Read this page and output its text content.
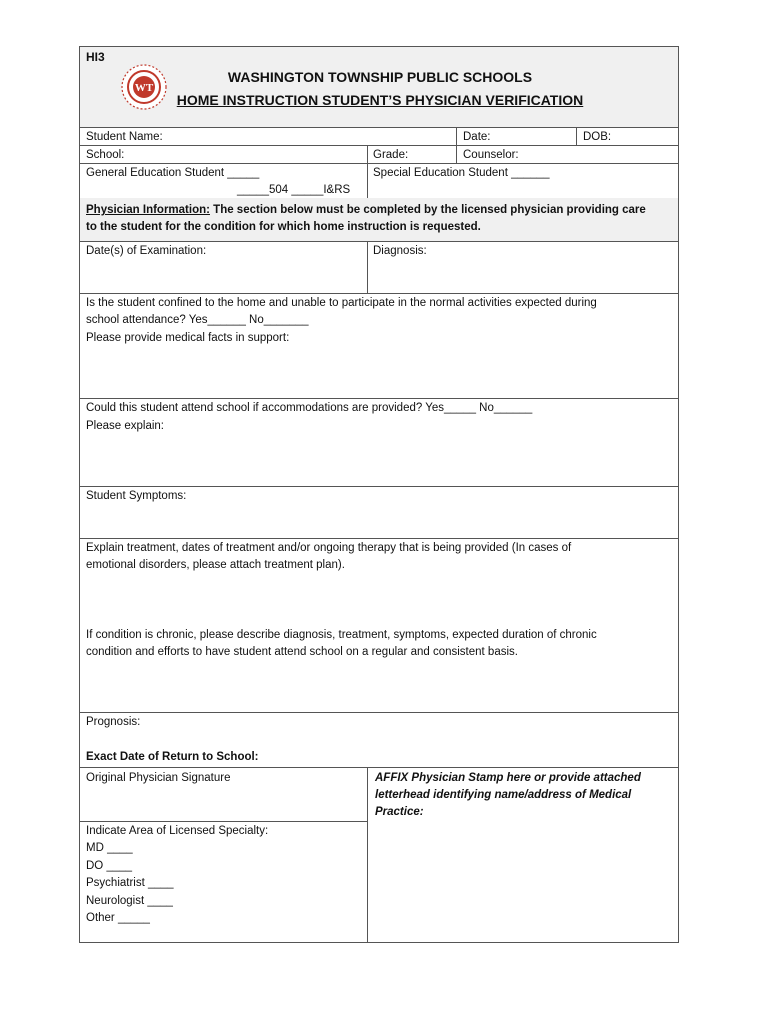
HI3
WT
WASHINGTON TOWNSHIP PUBLIC SCHOOLS
HOME INSTRUCTION STUDENT’S PHYSICIAN VERIFICATION
Student Name:	Date:	DOB:
School:	Grade:	Counselor:
General Education Student _____
_____504 _____I&RS
Special Education Student ______
Physician Information: The section below must be completed by the licensed physician providing care
to the student for the condition for which home instruction is requested.
Date(s) of Examination:	Diagnosis:
Is the student confined to the home and unable to participate in the normal activities expected during
school attendance? Yes______ No_______
Please provide medical facts in support:
Could this student attend school if accommodations are provided? Yes_____ No______
Please explain:
Student Symptoms:
Explain treatment, dates of treatment and/or ongoing therapy that is being provided (In cases of
emotional disorders, please attach treatment plan).
If condition is chronic, please describe diagnosis, treatment, symptoms, expected duration of chronic
condition and efforts to have student attend school on a regular and consistent basis.
Prognosis:
Exact Date of Return to School:
Original Physician Signature	AFFIX Physician Stamp here or provide attached
letterhead identifying name/address of Medical
Practice:
Indicate Area of Licensed Specialty:
MD ____
DO ____
Psychiatrist ____
Neurologist ____
Other _____
